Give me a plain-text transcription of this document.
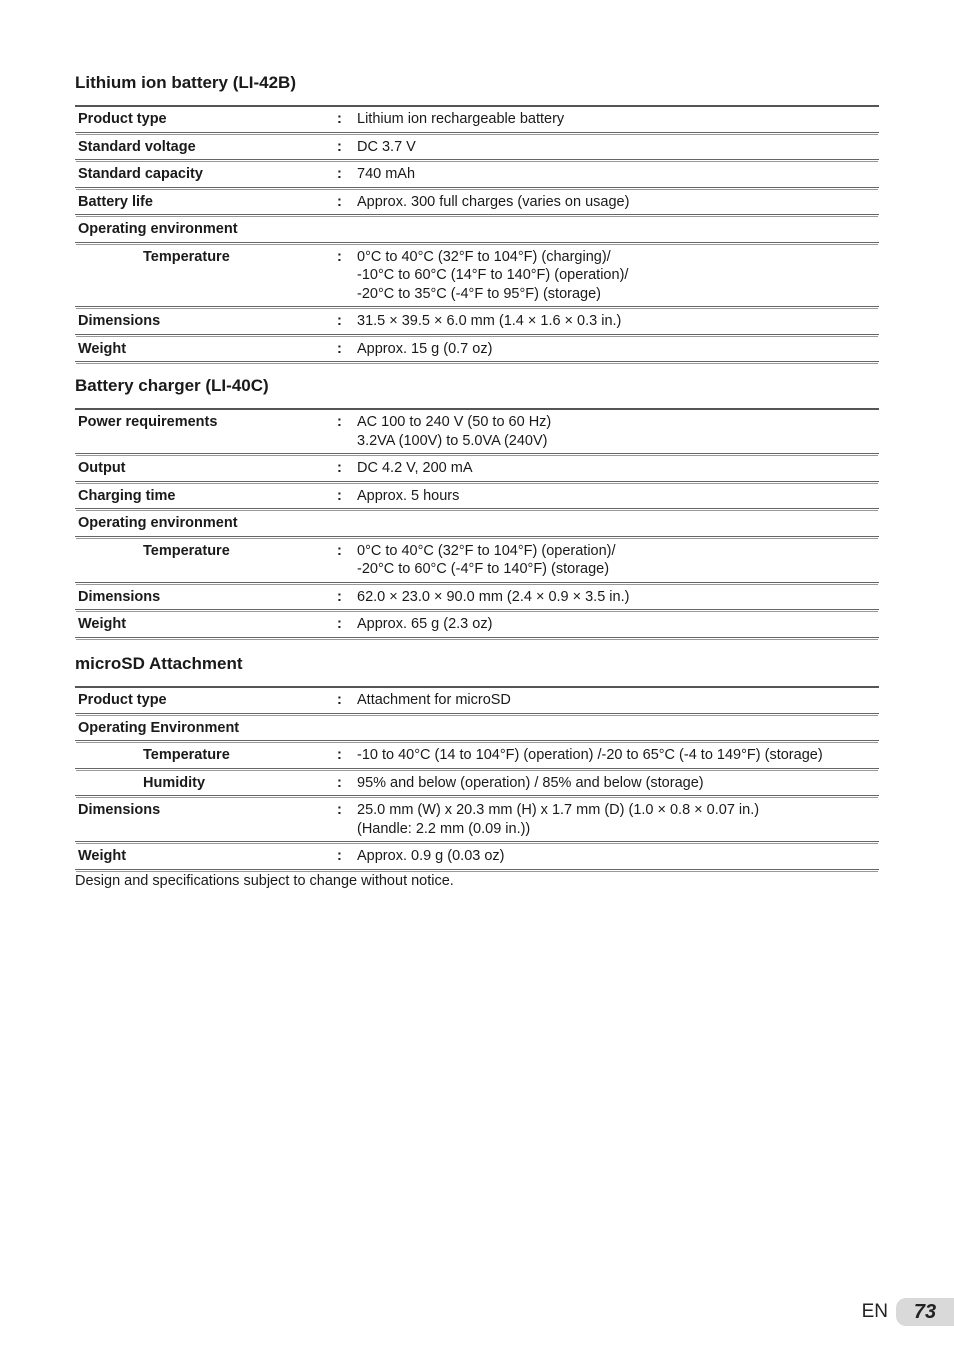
Lithium ion battery (LI-42B)
Product type	:	Lithium ion rechargeable battery
Standard voltage	:	DC 3.7 V
Standard capacity	:	740 mAh
Battery life	:	Approx. 300 full charges (varies on usage)
Operating environment

Temperature	:	0°C to 40°C (32°F to 104°F) (charging)/
-10°C to 60°C (14°F to 140°F) (operation)/
-20°C to 35°C (-4°F to 95°F) (storage)
Dimensions	:	31.5 × 39.5 × 6.0 mm (1.4 × 1.6 × 0.3 in.)
Weight	:	Approx. 15 g (0.7 oz)
Battery charger (LI-40C)
Power requirements	:	AC 100 to 240 V (50 to 60 Hz)
3.2VA (100V) to 5.0VA (240V)
Output	:	DC 4.2 V, 200 mA
Charging time	:	Approx. 5 hours
Operating environment

Temperature	:	0°C to 40°C (32°F to 104°F) (operation)/
-20°C to 60°C (-4°F to 140°F) (storage)
Dimensions	:	62.0 × 23.0 × 90.0 mm (2.4 × 0.9 × 3.5 in.)
Weight	:	Approx. 65 g (2.3 oz)
microSD Attachment
Product type	:	Attachment for microSD
Operating Environment

Temperature	:	-10 to 40°C (14 to 104°F) (operation) /-20 to 65°C (-4 to 149°F) (storage)
Humidity	:	95% and below (operation) / 85% and below (storage)
Dimensions	:	25.0 mm (W) x 20.3 mm (H) x 1.7 mm (D) (1.0 × 0.8 × 0.07 in.)
(Handle: 2.2 mm (0.09 in.))
Weight	:	Approx. 0.9 g (0.03 oz)

Design and specifications subject to change without notice.

EN	73
